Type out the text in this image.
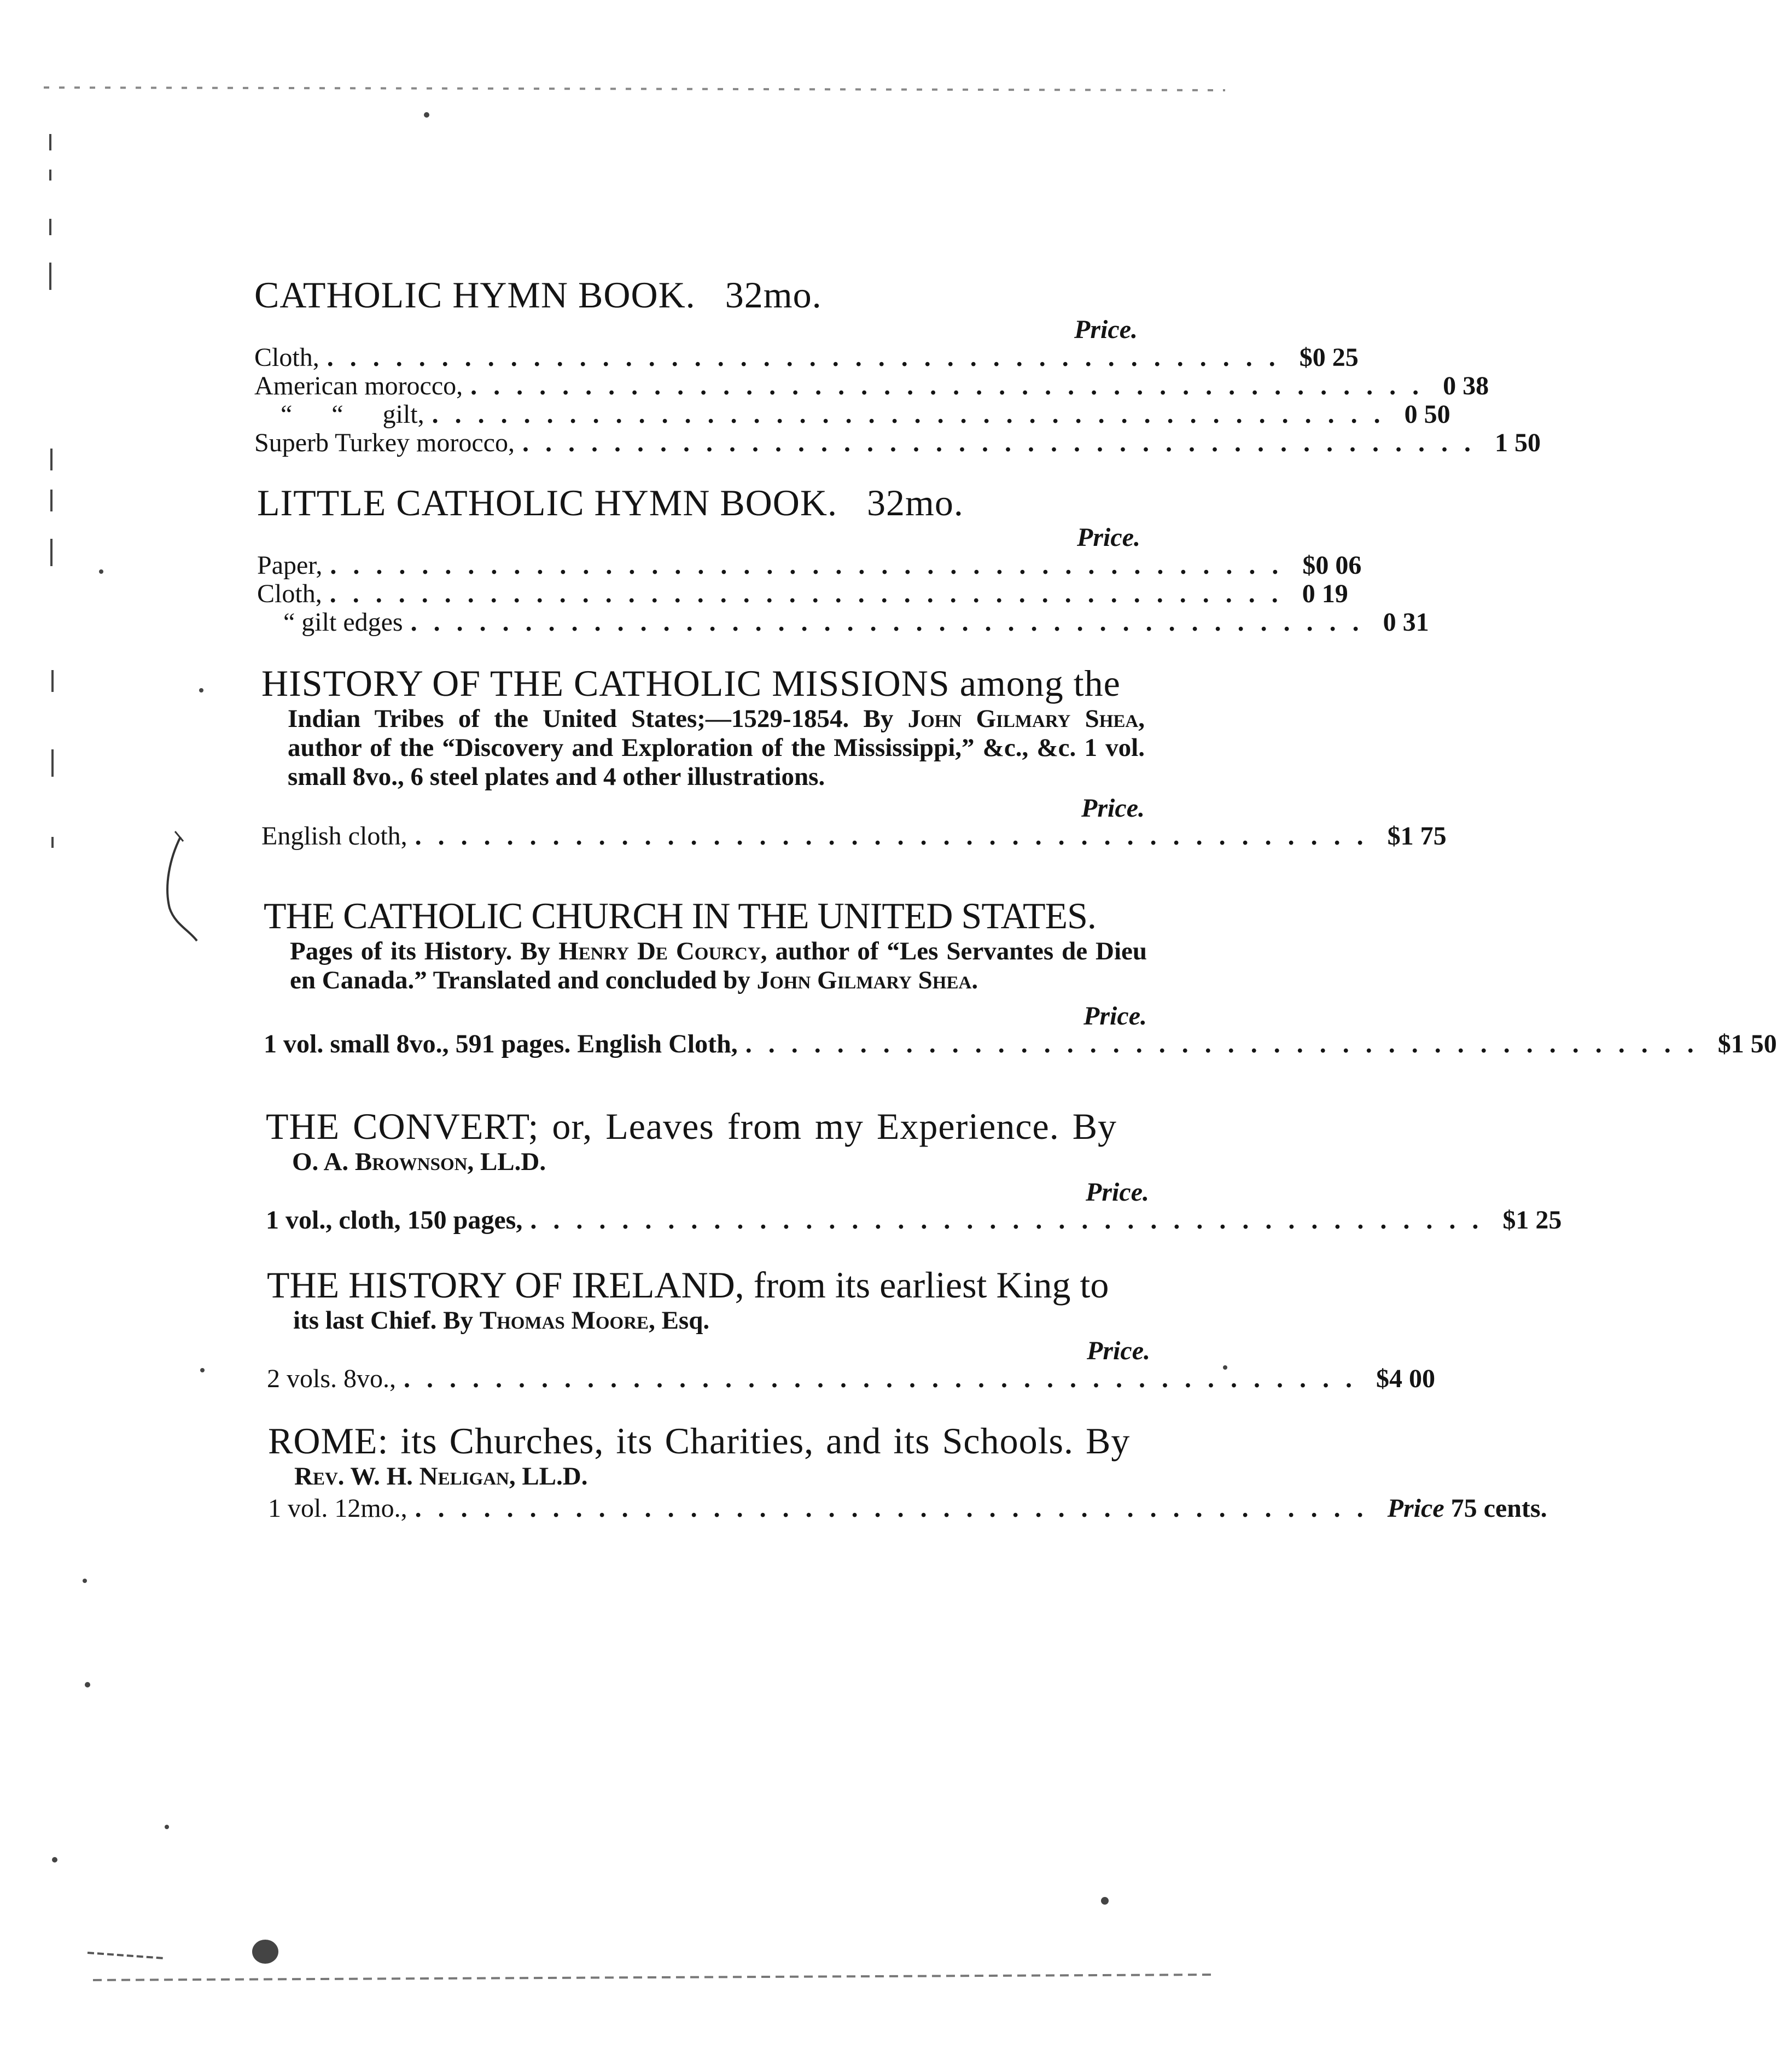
CATHOLIC HYMN BOOK. 32mo.
Price.
Cloth, .......................................... $0 25
American morocco, .......................................... 0 38
“ “ gilt, .......................................... 0 50
Superb Turkey morocco, .......................................... 1 50
LITTLE CATHOLIC HYMN BOOK. 32mo.
Price.
Paper, .......................................... $0 06
Cloth, .......................................... 0 19
“ gilt edges .......................................... 0 31
HISTORY OF THE CATHOLIC MISSIONS among the
Indian Tribes of the United States;—1529-1854. By John Gilmary Shea, author of the “Discovery and Exploration of the Mississippi,” &c., &c. 1 vol. small 8vo., 6 steel plates and 4 other illustrations.
Price.
English cloth, .......................................... $1 75
THE CATHOLIC CHURCH IN THE UNITED STATES.
Pages of its History. By Henry De Courcy, author of “Les Servantes de Dieu en Canada.” Translated and concluded by John Gilmary Shea.
Price.
1 vol. small 8vo., 591 pages. English Cloth, .......................................... $1 50
THE CONVERT; or, Leaves from my Experience. By
O. A. Brownson, LL.D.
Price.
1 vol., cloth, 150 pages, .......................................... $1 25
THE HISTORY OF IRELAND, from its earliest King to
its last Chief. By Thomas Moore, Esq.
Price.
2 vols. 8vo., .......................................... $4 00
ROME: its Churches, its Charities, and its Schools. By
Rev. W. H. Neligan, LL.D.
1 vol. 12mo., .......................................... Price 75 cents.
